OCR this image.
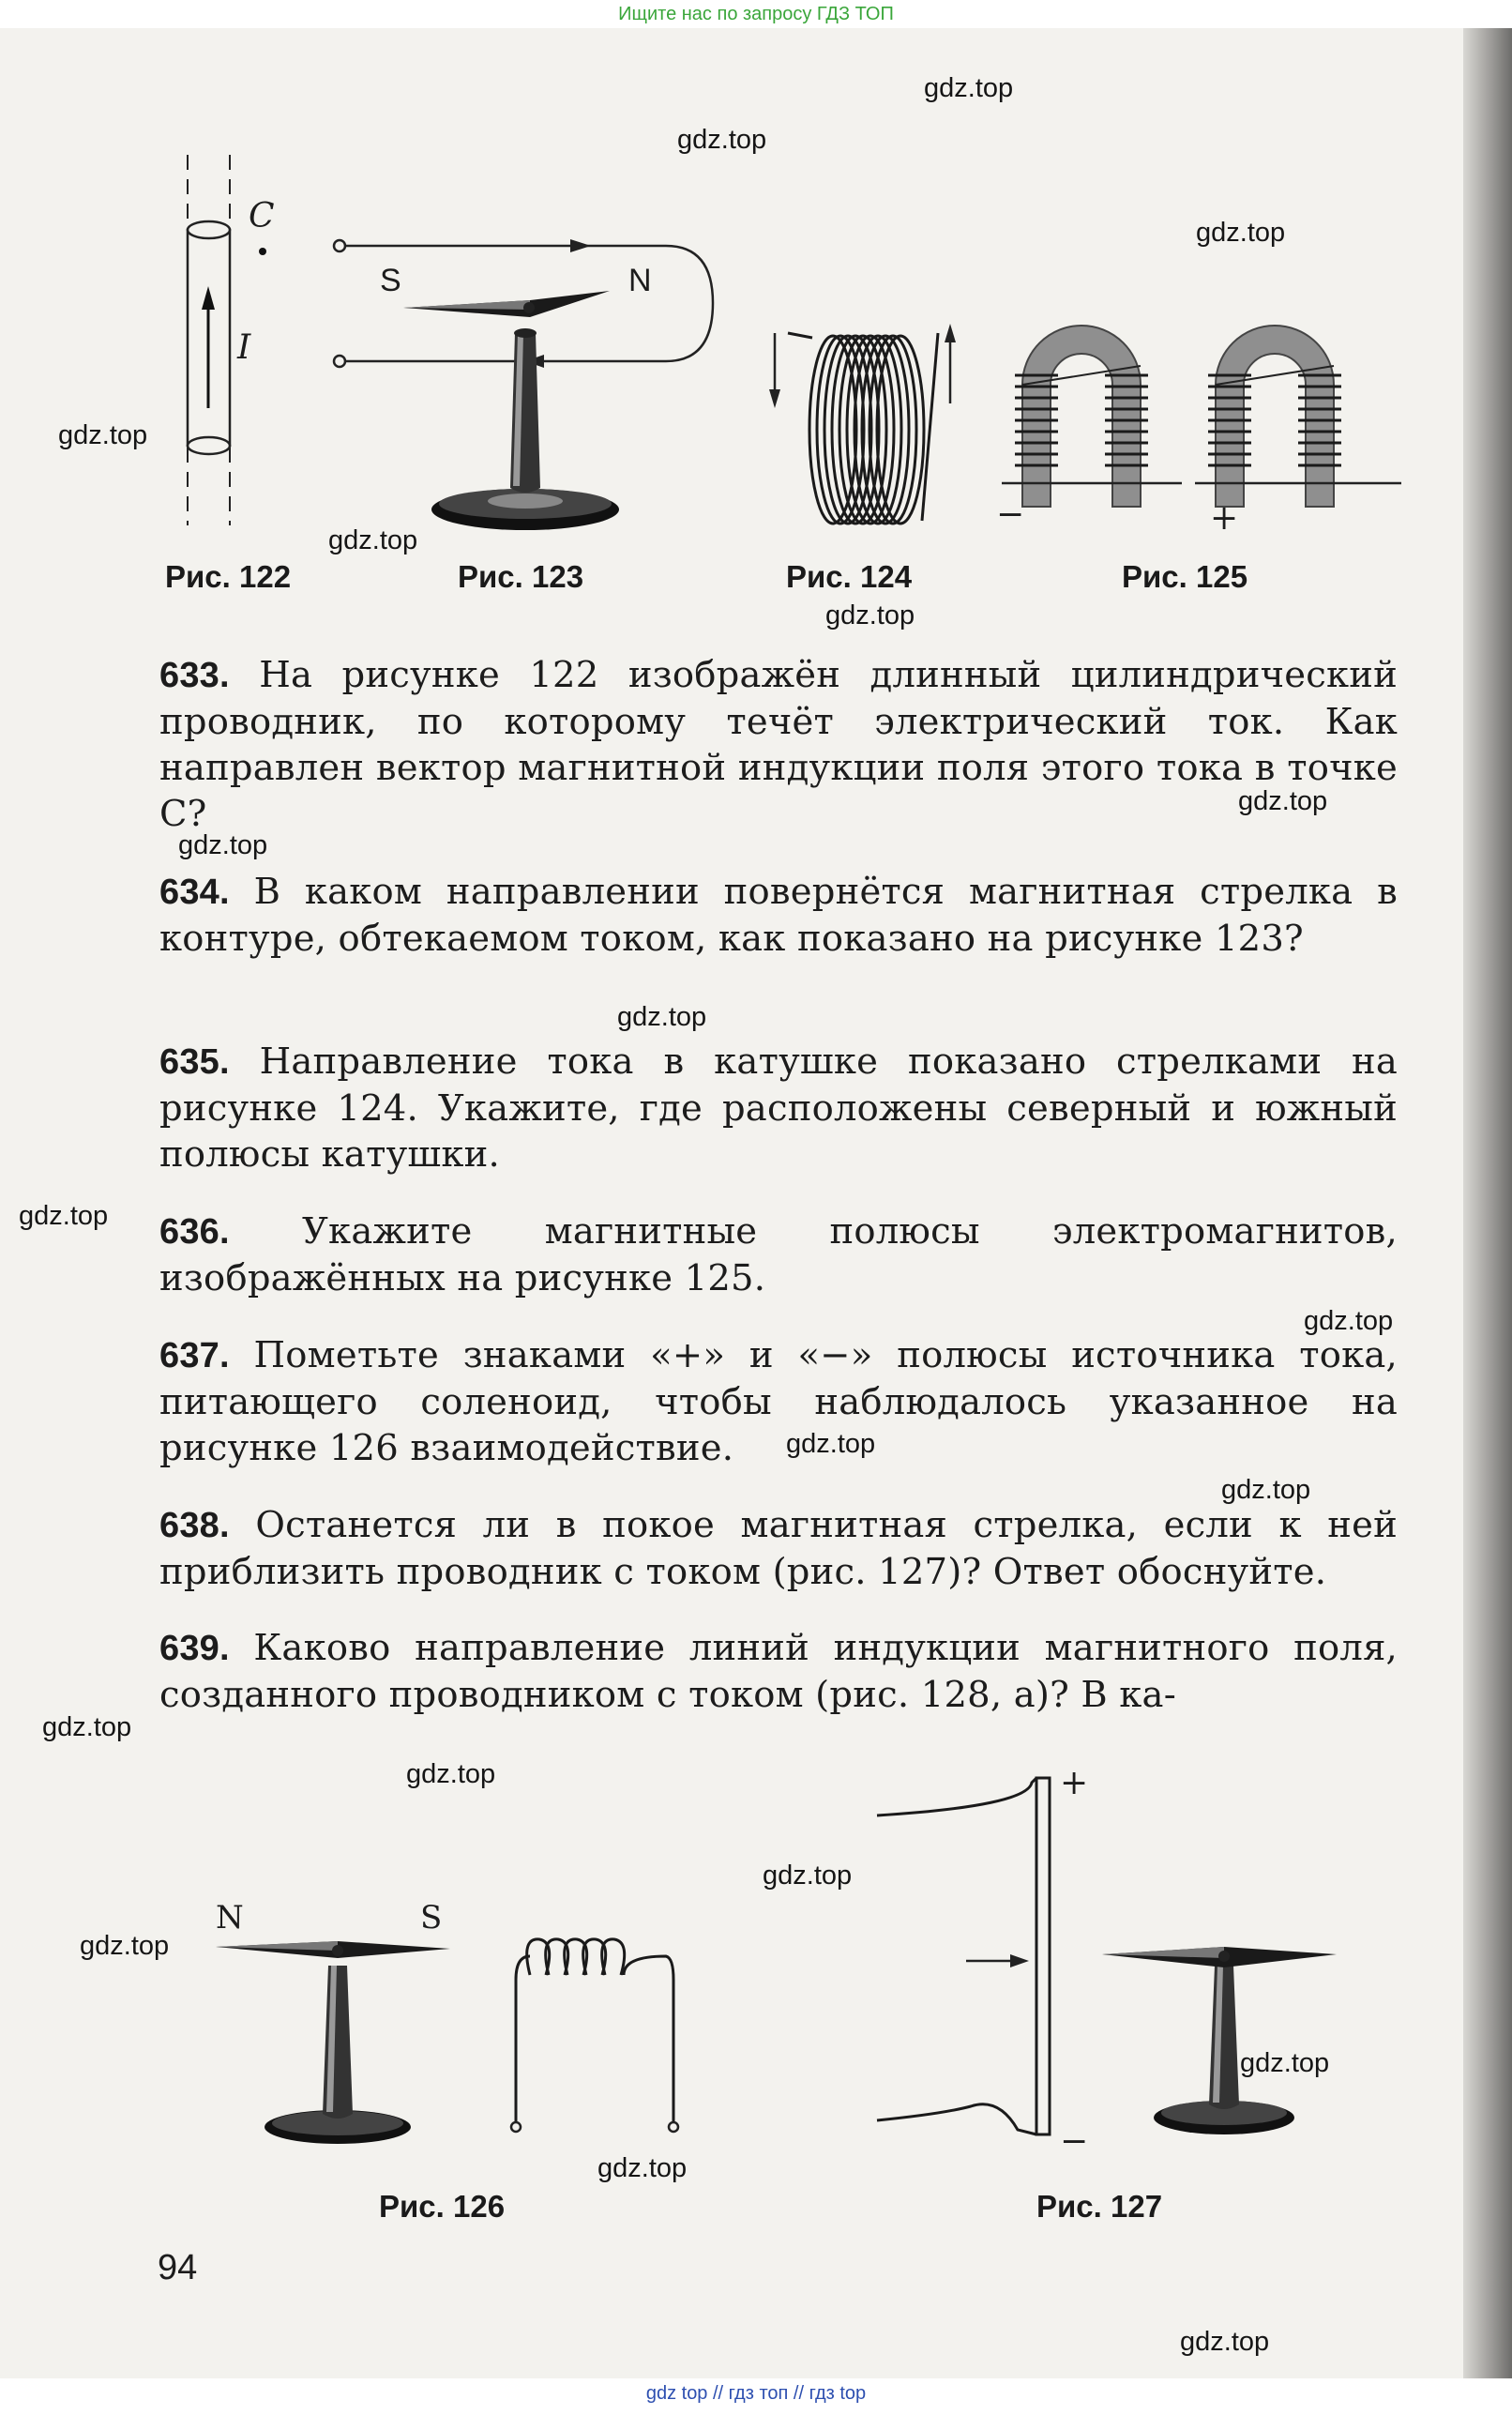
Ищите нас по запросу ГДЗ ТОП
C
I
Рис. 122
S	N
Рис. 123	Рис. 124
−	+
Рис. 125
633. На рисунке 122 изображён длинный цилиндрический проводник, по которому течёт электрический ток. Как направлен вектор магнитной индукции поля этого тока в точке C?
634. В каком направлении повернётся магнитная стрелка в контуре, обтекаемом током, как показано на рисунке 123?
635. Направление тока в катушке показано стрелками на рисунке 124. Укажите, где расположены северный и южный полюсы катушки.
636. Укажите магнитные полюсы электромагнитов, изображённых на рисунке 125.
637. Пометьте знаками «+» и «−» полюсы источника тока, питающего соленоид, чтобы наблюдалось указанное на рисунке 126 взаимодействие.
638. Останется ли в покое магнитная стрелка, если к ней приблизить проводник с током (рис. 127)? Ответ обоснуйте.
639. Каково направление линий индукции магнитного поля, созданного проводником с током (рис. 128, а)? В ка-
N	S
Рис. 126
+
−
Рис. 127
94
gdz.top
gdz.top
gdz.top
gdz.top
gdz.top
gdz.top
gdz.top
gdz.top
gdz.top
gdz.top
gdz.top
gdz.top
gdz.top
gdz.top
gdz.top
gdz.top
gdz.top
gdz.top
gdz.top
gdz.top
gdz top // гдз топ // гдз top
